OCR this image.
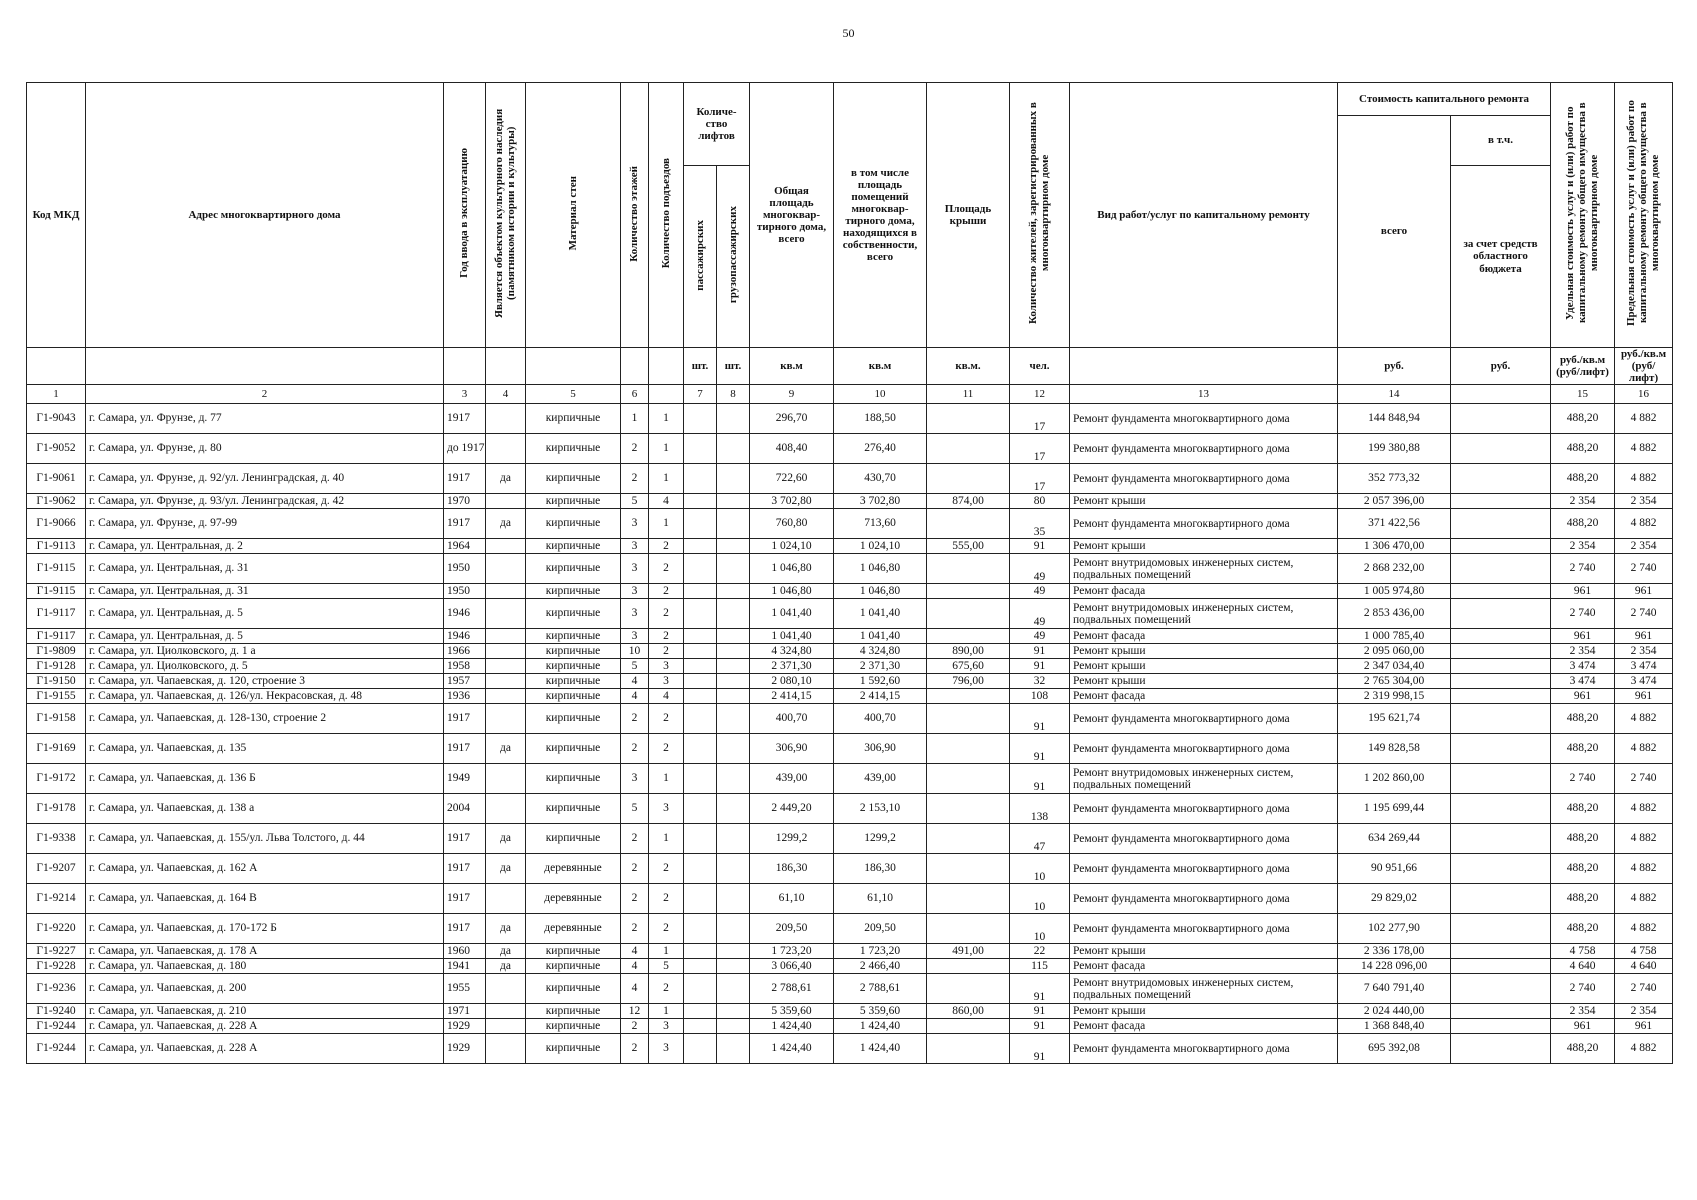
50
Код МКД	Адрес многоквартирного дома	Год ввода в эксплуатацию	Является объектом культурного наследия (памятником истории и культуры)	Материал стен	Количество этажей	Количество подъездов	Количе-ство лифтов		Общая площадь многоквар-тирного дома, всего	в том числе площадь помещений многоквар-тирного дома, находящихся в собственности, всего	Площадь крыши	Количество жителей, зарегистрированных в многоквартирном доме	Вид работ/услуг по капитальному ремонту	Стоимость капитального ремонта		Удельная стоимость услуг и (или) работ по капитальному ремонту общего имущества в многоквартирном доме	Предельная стоимость услуг и (или) работ по капитальному ремонту общего имущества в многоквартирном доме
														всего	в т.ч.		
							пассажирских	грузопассажирских							за счет средств областного бюджета		
							шт.	шт.	кв.м	кв.м	кв.м.	чел.		руб.	руб.	руб./кв.м (руб/лифт)	руб./кв.м (руб/лифт)
1	2	3	4	5	6		7	8	9	10	11	12	13	14		15	16
Г1-9043	г. Самара, ул. Фрунзе, д. 77	1917		кирпичные	1	1			296,70	188,50		17	Ремонт фундамента многоквартирного дома	144 848,94		488,20	4 882
Г1-9052	г. Самара, ул. Фрунзе, д. 80	до 1917		кирпичные	2	1			408,40	276,40		17	Ремонт фундамента многоквартирного дома	199 380,88		488,20	4 882
Г1-9061	г. Самара, ул. Фрунзе, д. 92/ул. Ленинградская, д. 40	1917	да	кирпичные	2	1			722,60	430,70		17	Ремонт фундамента многоквартирного дома	352 773,32		488,20	4 882
Г1-9062	г. Самара, ул. Фрунзе, д. 93/ул. Ленинградская, д. 42	1970		кирпичные	5	4			3 702,80	3 702,80	874,00	80	Ремонт крыши	2 057 396,00		2 354	2 354
Г1-9066	г. Самара, ул. Фрунзе, д. 97-99	1917	да	кирпичные	3	1			760,80	713,60		35	Ремонт фундамента многоквартирного дома	371 422,56		488,20	4 882
Г1-9113	г. Самара, ул. Центральная, д. 2	1964		кирпичные	3	2			1 024,10	1 024,10	555,00	91	Ремонт крыши	1 306 470,00		2 354	2 354
Г1-9115	г. Самара, ул. Центральная, д. 31	1950		кирпичные	3	2			1 046,80	1 046,80		49	Ремонт внутридомовых инженерных систем, подвальных помещений	2 868 232,00		2 740	2 740
Г1-9115	г. Самара, ул. Центральная, д. 31	1950		кирпичные	3	2			1 046,80	1 046,80		49	Ремонт фасада	1 005 974,80		961	961
Г1-9117	г. Самара, ул. Центральная, д. 5	1946		кирпичные	3	2			1 041,40	1 041,40		49	Ремонт внутридомовых инженерных систем, подвальных помещений	2 853 436,00		2 740	2 740
Г1-9117	г. Самара, ул. Центральная, д. 5	1946		кирпичные	3	2			1 041,40	1 041,40		49	Ремонт фасада	1 000 785,40		961	961
Г1-9809	г. Самара, ул. Циолковского, д. 1 а	1966		кирпичные	10	2			4 324,80	4 324,80	890,00	91	Ремонт крыши	2 095 060,00		2 354	2 354
Г1-9128	г. Самара, ул. Циолковского, д. 5	1958		кирпичные	5	3			2 371,30	2 371,30	675,60	91	Ремонт крыши	2 347 034,40		3 474	3 474
Г1-9150	г. Самара, ул. Чапаевская, д. 120, строение 3	1957		кирпичные	4	3			2 080,10	1 592,60	796,00	32	Ремонт крыши	2 765 304,00		3 474	3 474
Г1-9155	г. Самара, ул. Чапаевская, д. 126/ул. Некрасовская, д. 48	1936		кирпичные	4	4			2 414,15	2 414,15		108	Ремонт фасада	2 319 998,15		961	961
Г1-9158	г. Самара, ул. Чапаевская, д. 128-130, строение 2	1917		кирпичные	2	2			400,70	400,70		91	Ремонт фундамента многоквартирного дома	195 621,74		488,20	4 882
Г1-9169	г. Самара, ул. Чапаевская, д. 135	1917	да	кирпичные	2	2			306,90	306,90		91	Ремонт фундамента многоквартирного дома	149 828,58		488,20	4 882
Г1-9172	г. Самара, ул. Чапаевская, д. 136 Б	1949		кирпичные	3	1			439,00	439,00		91	Ремонт внутридомовых инженерных систем, подвальных помещений	1 202 860,00		2 740	2 740
Г1-9178	г. Самара, ул. Чапаевская, д. 138 а	2004		кирпичные	5	3			2 449,20	2 153,10		138	Ремонт фундамента многоквартирного дома	1 195 699,44		488,20	4 882
Г1-9338	г. Самара, ул. Чапаевская, д. 155/ул. Льва Толстого, д. 44	1917	да	кирпичные	2	1			1299,2	1299,2		47	Ремонт фундамента многоквартирного дома	634 269,44		488,20	4 882
Г1-9207	г. Самара, ул. Чапаевская, д. 162 А	1917	да	деревянные	2	2			186,30	186,30		10	Ремонт фундамента многоквартирного дома	90 951,66		488,20	4 882
Г1-9214	г. Самара, ул. Чапаевская, д. 164 В	1917		деревянные	2	2			61,10	61,10		10	Ремонт фундамента многоквартирного дома	29 829,02		488,20	4 882
Г1-9220	г. Самара, ул. Чапаевская, д. 170-172 Б	1917	да	деревянные	2	2			209,50	209,50		10	Ремонт фундамента многоквартирного дома	102 277,90		488,20	4 882
Г1-9227	г. Самара, ул. Чапаевская, д. 178 А	1960	да	кирпичные	4	1			1 723,20	1 723,20	491,00	22	Ремонт крыши	2 336 178,00		4 758	4 758
Г1-9228	г. Самара, ул. Чапаевская, д. 180	1941	да	кирпичные	4	5			3 066,40	2 466,40		115	Ремонт фасада	14 228 096,00		4 640	4 640
Г1-9236	г. Самара, ул. Чапаевская, д. 200	1955		кирпичные	4	2			2 788,61	2 788,61		91	Ремонт внутридомовых инженерных систем, подвальных помещений	7 640 791,40		2 740	2 740
Г1-9240	г. Самара, ул. Чапаевская, д. 210	1971		кирпичные	12	1			5 359,60	5 359,60	860,00	91	Ремонт крыши	2 024 440,00		2 354	2 354
Г1-9244	г. Самара, ул. Чапаевская, д. 228 А	1929		кирпичные	2	3			1 424,40	1 424,40		91	Ремонт фасада	1 368 848,40		961	961
Г1-9244	г. Самара, ул. Чапаевская, д. 228 А	1929		кирпичные	2	3			1 424,40	1 424,40		91	Ремонт фундамента многоквартирного дома	695 392,08		488,20	4 882
